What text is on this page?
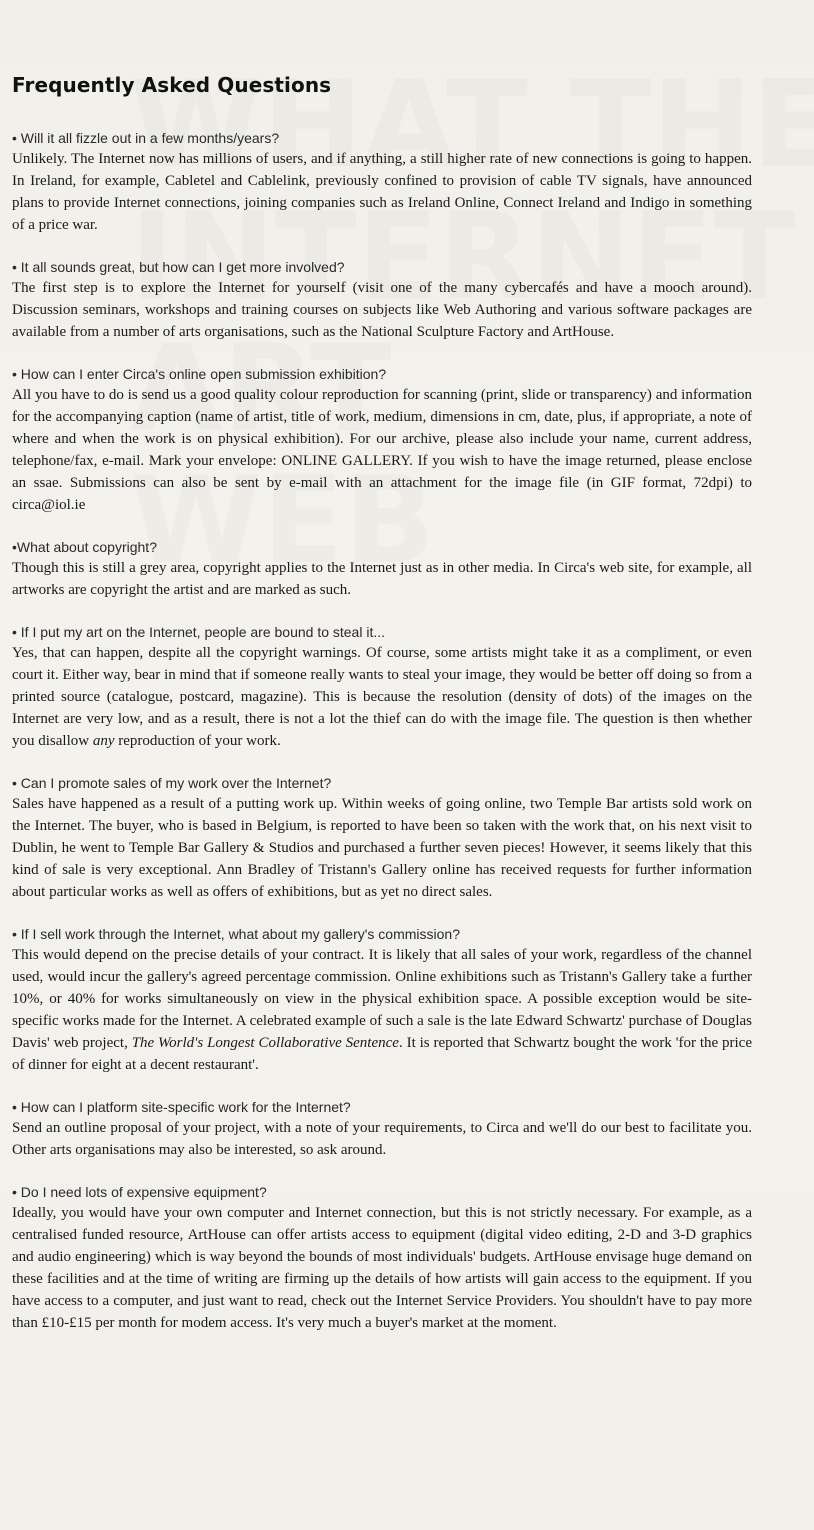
Frequently Asked Questions

• Will it all fizzle out in a few months/years?

Unlikely. The Internet now has millions of users, and if anything, a still higher rate of new connections is going to happen. In Ireland, for example, Cabletel and Cablelink, previously confined to provision of cable TV signals, have announced plans to provide Internet connections, joining companies such as Ireland Online, Connect Ireland and Indigo in something of a price war.

• It all sounds great, but how can I get more involved?

The first step is to explore the Internet for yourself (visit one of the many cybercafés and have a mooch around). Discussion seminars, workshops and training courses on subjects like Web Authoring and various software packages are available from a number of arts organisations, such as the National Sculpture Factory and ArtHouse.

• How can I enter Circa's online open submission exhibition?

All you have to do is send us a good quality colour reproduction for scanning (print, slide or transparency) and information for the accompanying caption (name of artist, title of work, medium, dimensions in cm, date, plus, if appropriate, a note of where and when the work is on physical exhibition). For our archive, please also include your name, current address, telephone/fax, e-mail. Mark your envelope: ONLINE GALLERY. If you wish to have the image returned, please enclose an ssae. Submissions can also be sent by e-mail with an attachment for the image file (in GIF format, 72dpi) to circa@iol.ie

•What about copyright?

Though this is still a grey area, copyright applies to the Internet just as in other media. In Circa's web site, for example, all artworks are copyright the artist and are marked as such.

• If I put my art on the Internet, people are bound to steal it...

Yes, that can happen, despite all the copyright warnings. Of course, some artists might take it as a compliment, or even court it. Either way, bear in mind that if someone really wants to steal your image, they would be better off doing so from a printed source (catalogue, postcard, magazine). This is because the resolution (density of dots) of the images on the Internet are very low, and as a result, there is not a lot the thief can do with the image file. The question is then whether you disallow any reproduction of your work.

• Can I promote sales of my work over the Internet?

Sales have happened as a result of a putting work up. Within weeks of going online, two Temple Bar artists sold work on the Internet. The buyer, who is based in Belgium, is reported to have been so taken with the work that, on his next visit to Dublin, he went to Temple Bar Gallery & Studios and purchased a further seven pieces! However, it seems likely that this kind of sale is very exceptional. Ann Bradley of Tristann's Gallery online has received requests for further information about particular works as well as offers of exhibitions, but as yet no direct sales.

• If I sell work through the Internet, what about my gallery's commission?

This would depend on the precise details of your contract. It is likely that all sales of your work, regardless of the channel used, would incur the gallery's agreed percentage commission. Online exhibitions such as Tristann's Gallery take a further 10%, or 40% for works simultaneously on view in the physical exhibition space. A possible exception would be site-specific works made for the Internet. A celebrated example of such a sale is the late Edward Schwartz' purchase of Douglas Davis' web project, The World's Longest Collaborative Sentence. It is reported that Schwartz bought the work 'for the price of dinner for eight at a decent restaurant'.

• How can I platform site-specific work for the Internet?

Send an outline proposal of your project, with a note of your requirements, to Circa and we'll do our best to facilitate you. Other arts organisations may also be interested, so ask around.

• Do I need lots of expensive equipment?

Ideally, you would have your own computer and Internet connection, but this is not strictly necessary. For example, as a centralised funded resource, ArtHouse can offer artists access to equipment (digital video editing, 2-D and 3-D graphics and audio engineering) which is way beyond the bounds of most individuals' budgets. ArtHouse envisage huge demand on these facilities and at the time of writing are firming up the details of how artists will gain access to the equipment. If you have access to a computer, and just want to read, check out the Internet Service Providers. You shouldn't have to pay more than £10-£15 per month for modem access. It's very much a buyer's market at the moment.
